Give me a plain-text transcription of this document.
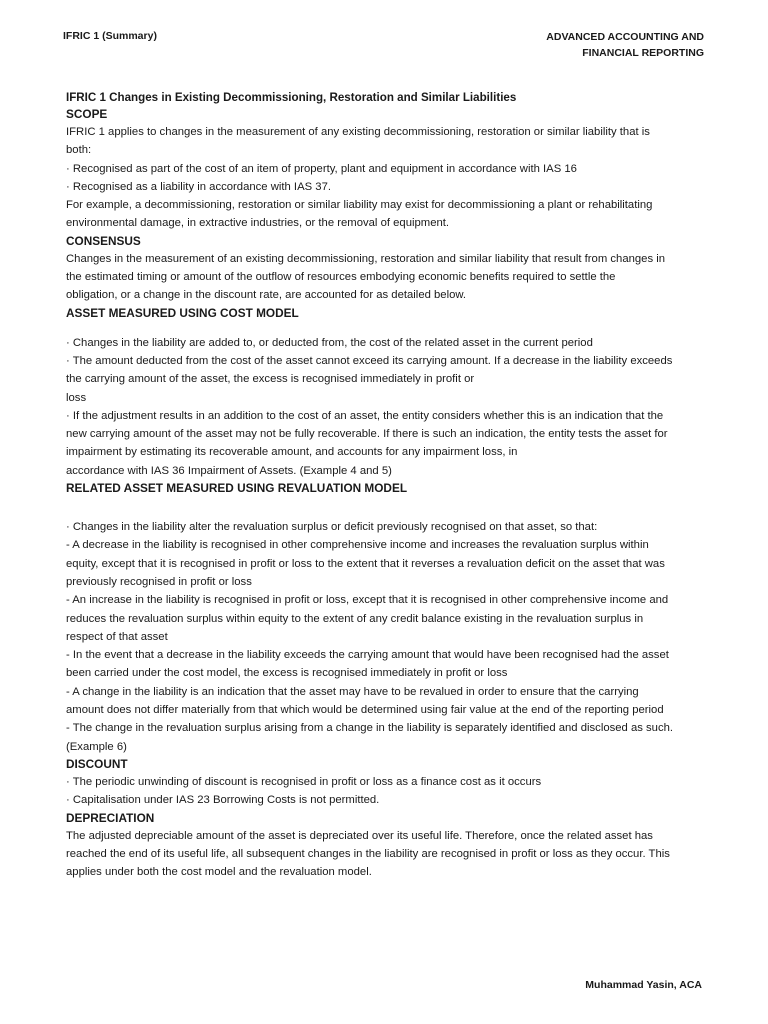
IFRIC 1 (Summary)	ADVANCED ACCOUNTING AND
FINANCIAL REPORTING
IFRIC 1 Changes in Existing Decommissioning, Restoration and Similar Liabilities
SCOPE
IFRIC 1 applies to changes in the measurement of any existing decommissioning, restoration or similar liability that is
both:
· Recognised as part of the cost of an item of property, plant and equipment in accordance with IAS 16
· Recognised as a liability in accordance with IAS 37.
For example, a decommissioning, restoration or similar liability may exist for decommissioning a plant or rehabilitating
environmental damage, in extractive industries, or the removal of equipment.
CONSENSUS
Changes in the measurement of an existing decommissioning, restoration and similar liability that result from changes in
the estimated timing or amount of the outflow of resources embodying economic benefits required to settle the
obligation, or a change in the discount rate, are accounted for as detailed below.
ASSET MEASURED USING COST MODEL
· Changes in the liability are added to, or deducted from, the cost of the related asset in the current period
· The amount deducted from the cost of the asset cannot exceed its carrying amount. If a decrease in the liability exceeds
the carrying amount of the asset, the excess is recognised immediately in profit or
loss
· If the adjustment results in an addition to the cost of an asset, the entity considers whether this is an indication that the
new carrying amount of the asset may not be fully recoverable. If there is such an indication, the entity tests the asset for
impairment by estimating its recoverable amount, and accounts for any impairment loss, in
accordance with IAS 36 Impairment of Assets. (Example 4 and 5)
RELATED ASSET MEASURED USING REVALUATION MODEL
· Changes in the liability alter the revaluation surplus or deficit previously recognised on that asset, so that:
- A decrease in the liability is recognised in other comprehensive income and increases the revaluation surplus within
equity, except that it is recognised in profit or loss to the extent that it reverses a revaluation deficit on the asset that was
previously recognised in profit or loss
- An increase in the liability is recognised in profit or loss, except that it is recognised in other comprehensive income and
reduces the revaluation surplus within equity to the extent of any credit balance existing in the revaluation surplus in
respect of that asset
- In the event that a decrease in the liability exceeds the carrying amount that would have been recognised had the asset
been carried under the cost model, the excess is recognised immediately in profit or loss
- A change in the liability is an indication that the asset may have to be revalued in order to ensure that the carrying
amount does not differ materially from that which would be determined using fair value at the end of the reporting period
- The change in the revaluation surplus arising from a change in the liability is separately identified and disclosed as such.
(Example 6)
DISCOUNT
· The periodic unwinding of discount is recognised in profit or loss as a finance cost as it occurs
· Capitalisation under IAS 23 Borrowing Costs is not permitted.
DEPRECIATION
The adjusted depreciable amount of the asset is depreciated over its useful life. Therefore, once the related asset has
reached the end of its useful life, all subsequent changes in the liability are recognised in profit or loss as they occur. This
applies under both the cost model and the revaluation model.
Muhammad Yasin, ACA
